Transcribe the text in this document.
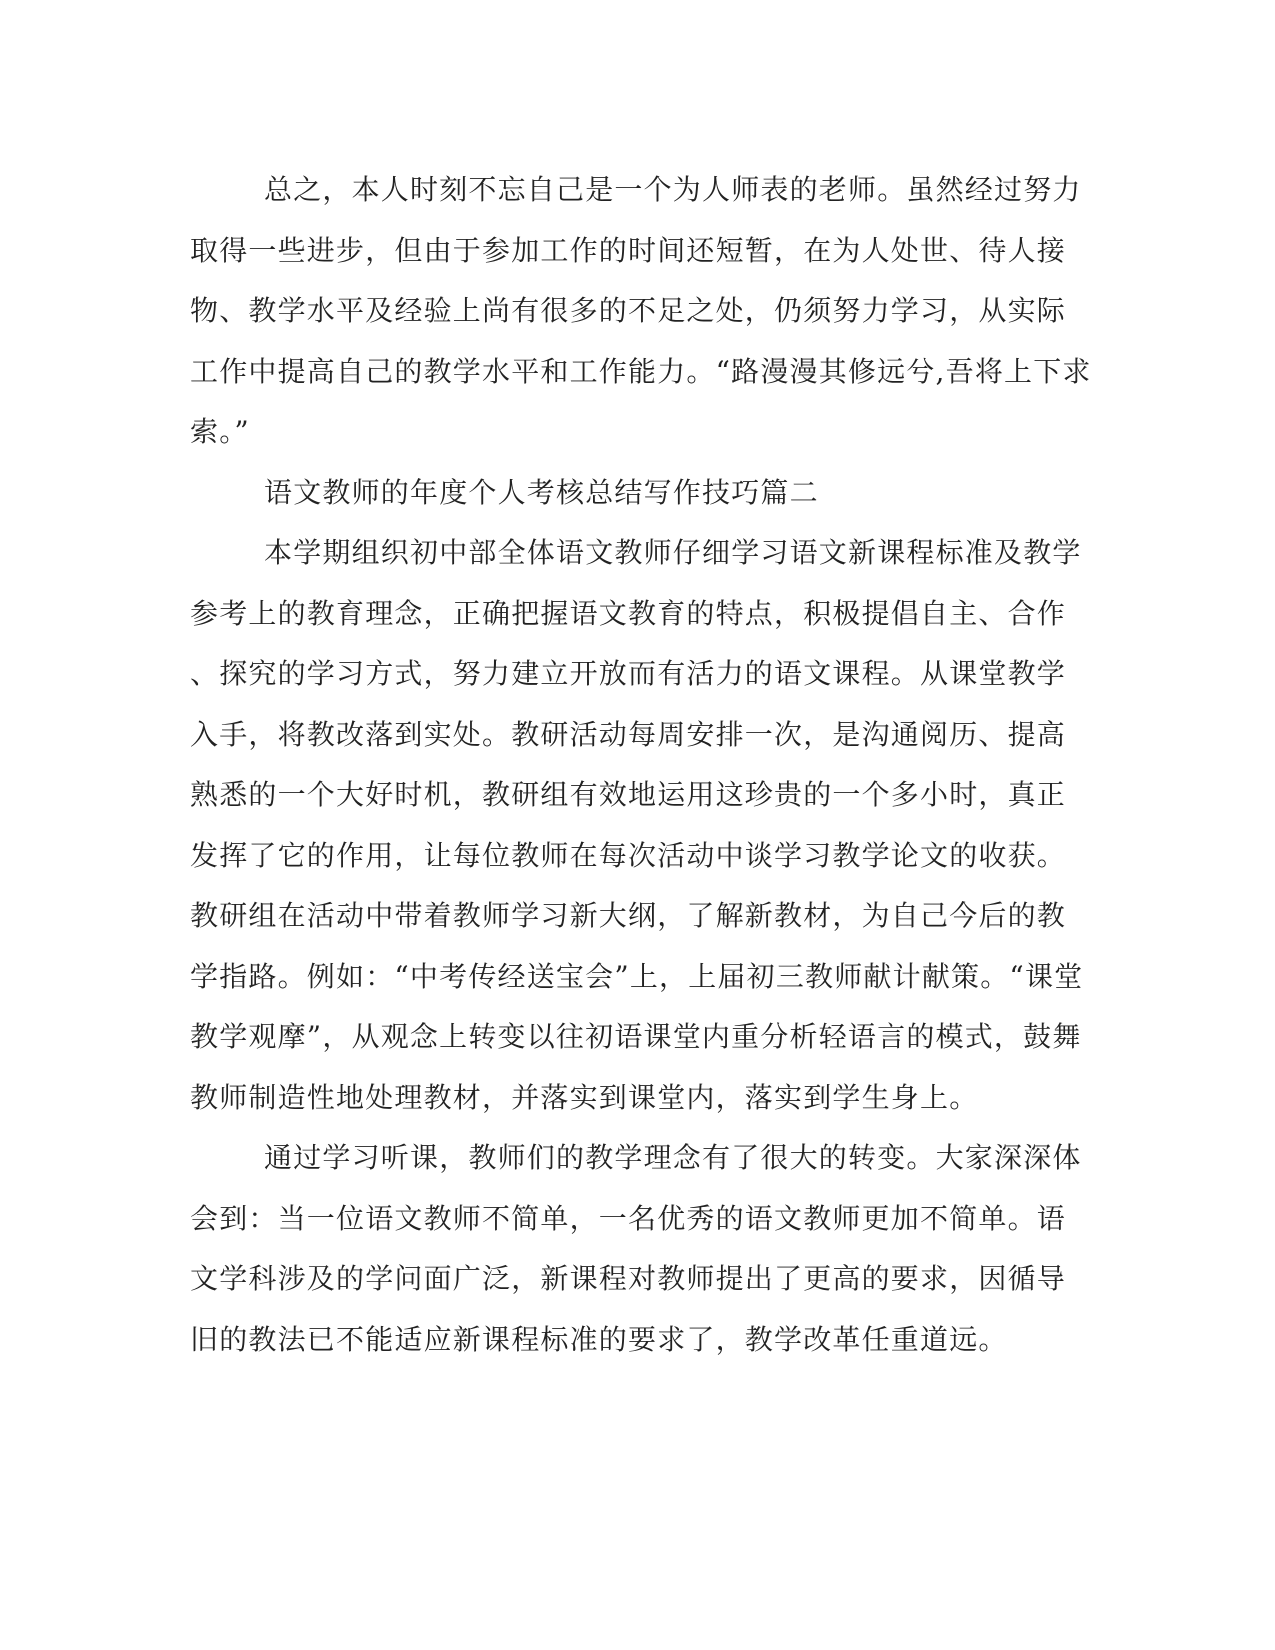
总之，本人时刻不忘自己是一个为人师表的老师。虽然经过努力
取得一些进步，但由于参加工作的时间还短暂，在为人处世、待人接
物、教学水平及经验上尚有很多的不足之处，仍须努力学习，从实际
工作中提高自己的教学水平和工作能力。“路漫漫其修远兮,吾将上下求
索。”
语文教师的年度个人考核总结写作技巧篇二
本学期组织初中部全体语文教师仔细学习语文新课程标准及教学
参考上的教育理念，正确把握语文教育的特点，积极提倡自主、合作
、探究的学习方式，努力建立开放而有活力的语文课程。从课堂教学
入手，将教改落到实处。教研活动每周安排一次，是沟通阅历、提高
熟悉的一个大好时机，教研组有效地运用这珍贵的一个多小时，真正
发挥了它的作用，让每位教师在每次活动中谈学习教学论文的收获。
教研组在活动中带着教师学习新大纲，了解新教材，为自己今后的教
学指路。例如：“中考传经送宝会”上，上届初三教师献计献策。“课堂
教学观摩”，从观念上转变以往初语课堂内重分析轻语言的模式，鼓舞
教师制造性地处理教材，并落实到课堂内，落实到学生身上。
通过学习听课，教师们的教学理念有了很大的转变。大家深深体
会到：当一位语文教师不简单，一名优秀的语文教师更加不简单。语
文学科涉及的学问面广泛，新课程对教师提出了更高的要求，因循导
旧的教法已不能适应新课程标准的要求了，教学改革任重道远。
